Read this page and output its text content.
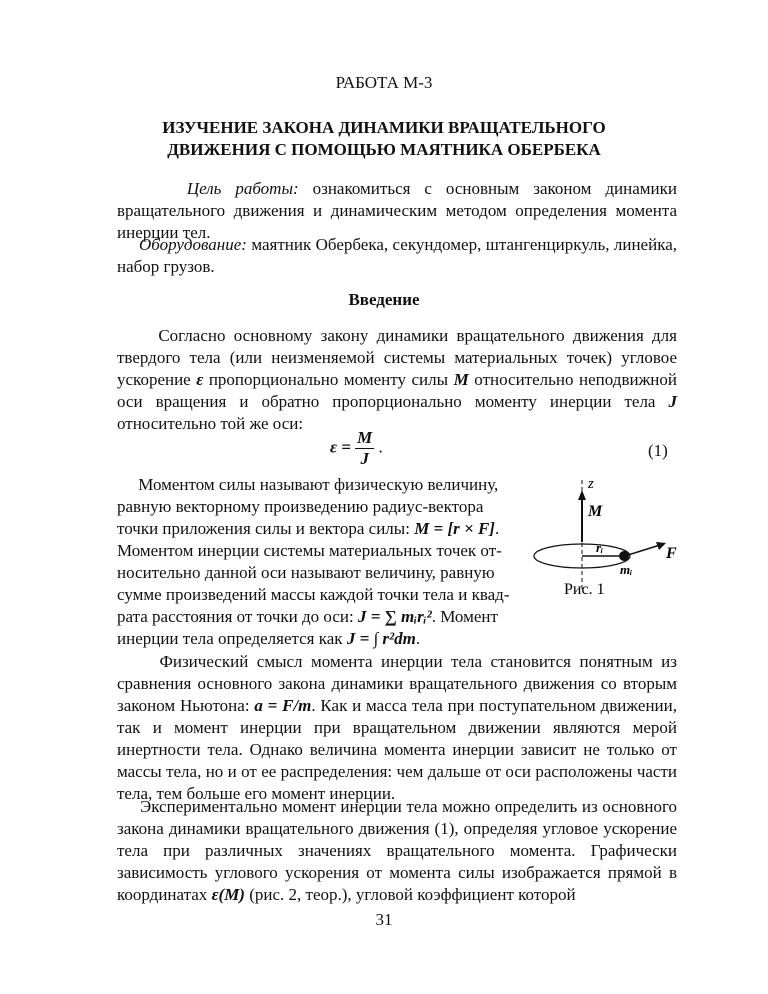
РАБОТА М-3
ИЗУЧЕНИЕ ЗАКОНА ДИНАМИКИ ВРАЩАТЕЛЬНОГО
ДВИЖЕНИЯ С ПОМОЩЬЮ МАЯТНИКА ОБЕРБЕКА
Цель работы: ознакомиться с основным законом динамики вращательного движения и динамическим методом определения момента инерции тел.
Оборудование: маятник Обербека, секундомер, штангенциркуль, линейка, набор грузов.
Введение
Согласно основному закону динамики вращательного движения для твердого тела (или неизменяемой системы материальных точек) угловое ускорение ε пропорционально моменту силы M относительно неподвижной оси вращения и обратно пропорционально моменту инерции тела J относительно той же оси:
$\varepsilon = \frac{M}{J}$ .	(1)
Моментом силы называют физическую величину,
равную векторному произведению радиус-вектора
точки приложения силы и вектора силы: M = [r × F].
Моментом инерции системы материальных точек от-
носительно данной оси называют величину, равную
сумме произведений массы каждой точки тела и квад-
рата расстояния от точки до оси: J = ∑ mᵢrᵢ². Момент
инерции тела определяется как J = ∫ r²dm.
z
M
rᵢ
mᵢ
F
Рис. 1
Физический смысл момента инерции тела становится понятным из сравнения основного закона динамики вращательного движения со вторым законом Ньютона: a = F/m. Как и масса тела при поступательном движении, так и момент инерции при вращательном движении являются мерой инертности тела. Однако величина момента инерции зависит не только от массы тела, но и от ее распределения: чем дальше от оси расположены части тела, тем больше его момент инерции.
Экспериментально момент инерции тела можно определить из основного закона динамики вращательного движения (1), определяя угловое ускорение тела при различных значениях вращательного момента. Графически зависимость углового ускорения от момента силы изображается прямой в координатах ε(M) (рис. 2, теор.), угловой коэффициент которой
31
